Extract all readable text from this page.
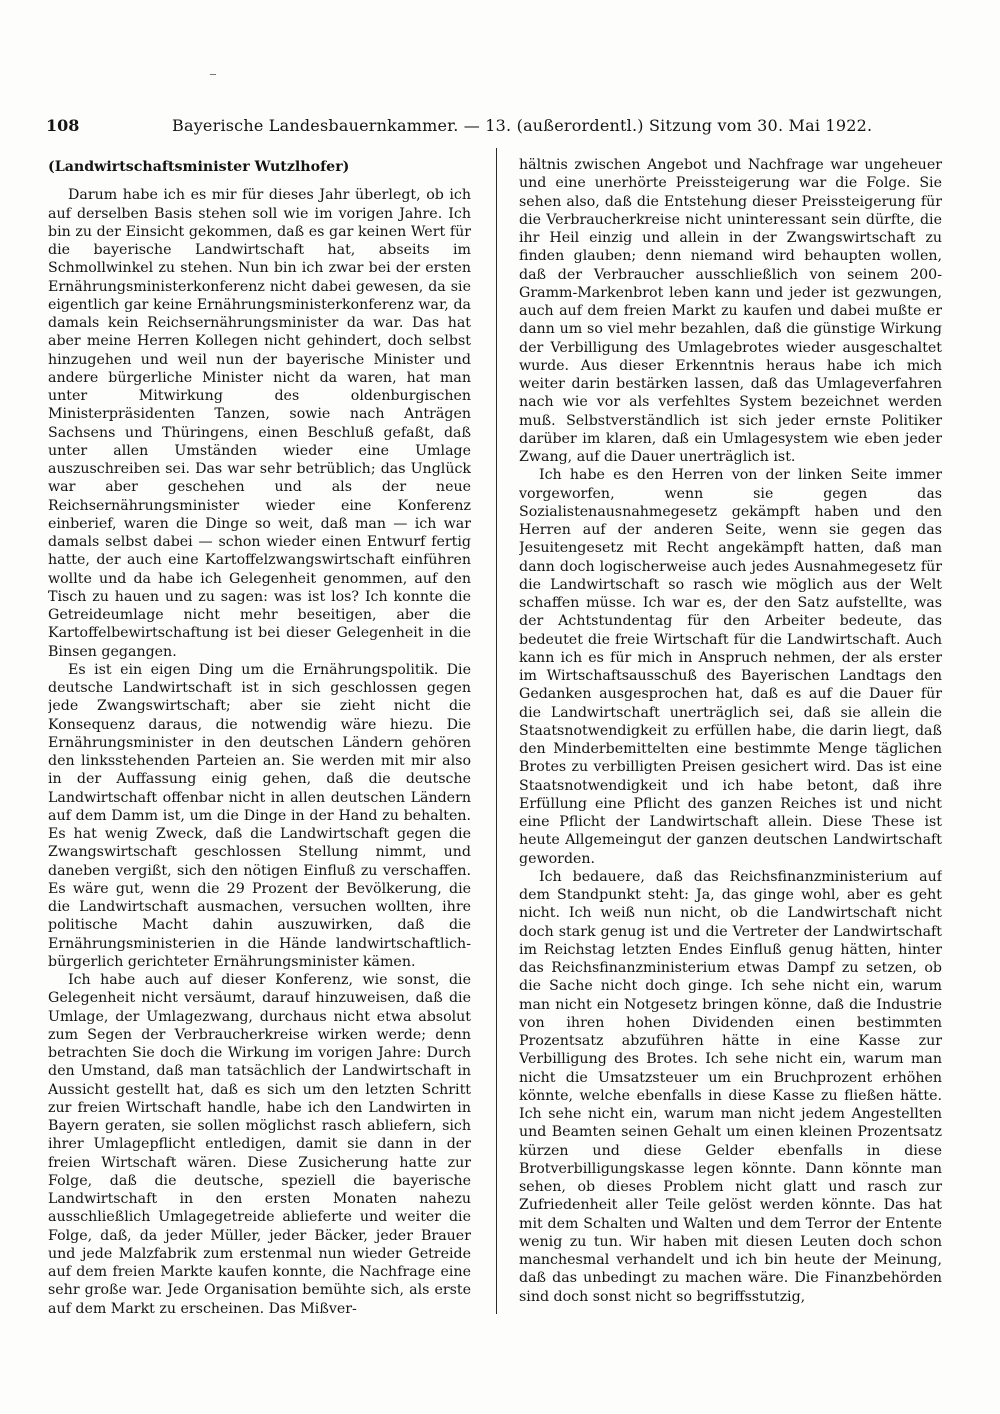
108	Bayerische Landesbauernkammer. — 13. (außerordentl.) Sitzung vom 30. Mai 1922.
(Landwirtschaftsminister Wutzlhofer)

Darum habe ich es mir für dieses Jahr überlegt, ob ich auf derselben Basis stehen soll wie im vorigen Jahre. Ich bin zu der Einsicht gekommen, daß es gar keinen Wert für die bayerische Landwirtschaft hat, abseits im Schmollwinkel zu stehen. Nun bin ich zwar bei der ersten Ernährungsministerkonferenz nicht dabei gewesen, da sie eigentlich gar keine Ernährungsministerkonferenz war, da damals kein Reichsernährungsminister da war. Das hat aber meine Herren Kollegen nicht gehindert, doch selbst hinzugehen und weil nun der bayerische Minister und andere bürgerliche Minister nicht da waren, hat man unter Mitwirkung des oldenburgischen Ministerpräsidenten Tanzen, sowie nach Anträgen Sachsens und Thüringens, einen Beschluß gefaßt, daß unter allen Umständen wieder eine Umlage auszuschreiben sei. Das war sehr betrüblich; das Unglück war aber geschehen und als der neue Reichsernährungsminister wieder eine Konferenz einberief, waren die Dinge so weit, daß man — ich war damals selbst dabei — schon wieder einen Entwurf fertig hatte, der auch eine Kartoffelzwangswirtschaft einführen wollte und da habe ich Gelegenheit genommen, auf den Tisch zu hauen und zu sagen: was ist los? Ich konnte die Getreideumlage nicht mehr beseitigen, aber die Kartoffelbewirtschaftung ist bei dieser Gelegenheit in die Binsen gegangen.

Es ist ein eigen Ding um die Ernährungspolitik. Die deutsche Landwirtschaft ist in sich geschlossen gegen jede Zwangswirtschaft; aber sie zieht nicht die Konsequenz daraus, die notwendig wäre hiezu. Die Ernährungsminister in den deutschen Ländern gehören den linksstehenden Parteien an. Sie werden mit mir also in der Auffassung einig gehen, daß die deutsche Landwirtschaft offenbar nicht in allen deutschen Ländern auf dem Damm ist, um die Dinge in der Hand zu behalten. Es hat wenig Zweck, daß die Landwirtschaft gegen die Zwangswirtschaft geschlossen Stellung nimmt, und daneben vergißt, sich den nötigen Einfluß zu verschaffen. Es wäre gut, wenn die 29 Prozent der Bevölkerung, die die Landwirtschaft ausmachen, versuchen wollten, ihre politische Macht dahin auszuwirken, daß die Ernährungsministerien in die Hände landwirtschaftlich-bürgerlich gerichteter Ernährungsminister kämen.

Ich habe auch auf dieser Konferenz, wie sonst, die Gelegenheit nicht versäumt, darauf hinzuweisen, daß die Umlage, der Umlagezwang, durchaus nicht etwa absolut zum Segen der Verbraucherkreise wirken werde; denn betrachten Sie doch die Wirkung im vorigen Jahre: Durch den Umstand, daß man tatsächlich der Landwirtschaft in Aussicht gestellt hat, daß es sich um den letzten Schritt zur freien Wirtschaft handle, habe ich den Landwirten in Bayern geraten, sie sollen möglichst rasch abliefern, sich ihrer Umlagepflicht entledigen, damit sie dann in der freien Wirtschaft wären. Diese Zusicherung hatte zur Folge, daß die deutsche, speziell die bayerische Landwirtschaft in den ersten Monaten nahezu ausschließlich Umlagegetreide ablieferte und weiter die Folge, daß, da jeder Müller, jeder Bäcker, jeder Brauer und jede Malzfabrik zum erstenmal nun wieder Getreide auf dem freien Markte kaufen konnte, die Nachfrage eine sehr große war. Jede Organisation bemühte sich, als erste auf dem Markt zu erscheinen. Das Mißver-

hältnis zwischen Angebot und Nachfrage war ungeheuer und eine unerhörte Preissteigerung war die Folge. Sie sehen also, daß die Entstehung dieser Preissteigerung für die Verbraucherkreise nicht uninteressant sein dürfte, die ihr Heil einzig und allein in der Zwangswirtschaft zu finden glauben; denn niemand wird behaupten wollen, daß der Verbraucher ausschließlich von seinem 200-Gramm-Markenbrot leben kann und jeder ist gezwungen, auch auf dem freien Markt zu kaufen und dabei mußte er dann um so viel mehr bezahlen, daß die günstige Wirkung der Verbilligung des Umlagebrotes wieder ausgeschaltet wurde. Aus dieser Erkenntnis heraus habe ich mich weiter darin bestärken lassen, daß das Umlageverfahren nach wie vor als verfehltes System bezeichnet werden muß. Selbstverständlich ist sich jeder ernste Politiker darüber im klaren, daß ein Umlagesystem wie eben jeder Zwang, auf die Dauer unerträglich ist.

Ich habe es den Herren von der linken Seite immer vorgeworfen, wenn sie gegen das Sozialistenausnahmegesetz gekämpft haben und den Herren auf der anderen Seite, wenn sie gegen das Jesuitengesetz mit Recht angekämpft hatten, daß man dann doch logischerweise auch jedes Ausnahmegesetz für die Landwirtschaft so rasch wie möglich aus der Welt schaffen müsse. Ich war es, der den Satz aufstellte, was der Achtstundentag für den Arbeiter bedeute, das bedeutet die freie Wirtschaft für die Landwirtschaft. Auch kann ich es für mich in Anspruch nehmen, der als erster im Wirtschaftsausschuß des Bayerischen Landtags den Gedanken ausgesprochen hat, daß es auf die Dauer für die Landwirtschaft unerträglich sei, daß sie allein die Staatsnotwendigkeit zu erfüllen habe, die darin liegt, daß den Minderbemittelten eine bestimmte Menge täglichen Brotes zu verbilligten Preisen gesichert wird. Das ist eine Staatsnotwendigkeit und ich habe betont, daß ihre Erfüllung eine Pflicht des ganzen Reiches ist und nicht eine Pflicht der Landwirtschaft allein. Diese These ist heute Allgemeingut der ganzen deutschen Landwirtschaft geworden.

Ich bedauere, daß das Reichsfinanzministerium auf dem Standpunkt steht: Ja, das ginge wohl, aber es geht nicht. Ich weiß nun nicht, ob die Landwirtschaft nicht doch stark genug ist und die Vertreter der Landwirtschaft im Reichstag letzten Endes Einfluß genug hätten, hinter das Reichsfinanzministerium etwas Dampf zu setzen, ob die Sache nicht doch ginge. Ich sehe nicht ein, warum man nicht ein Notgesetz bringen könne, daß die Industrie von ihren hohen Dividenden einen bestimmten Prozentsatz abzuführen hätte in eine Kasse zur Verbilligung des Brotes. Ich sehe nicht ein, warum man nicht die Umsatzsteuer um ein Bruchprozent erhöhen könnte, welche ebenfalls in diese Kasse zu fließen hätte. Ich sehe nicht ein, warum man nicht jedem Angestellten und Beamten seinen Gehalt um einen kleinen Prozentsatz kürzen und diese Gelder ebenfalls in diese Brotverbilligungskasse legen könnte. Dann könnte man sehen, ob dieses Problem nicht glatt und rasch zur Zufriedenheit aller Teile gelöst werden könnte. Das hat mit dem Schalten und Walten und dem Terror der Entente wenig zu tun. Wir haben mit diesen Leuten doch schon manchesmal verhandelt und ich bin heute der Meinung, daß das unbedingt zu machen wäre. Die Finanzbehörden sind doch sonst nicht so begriffsstutzig,
